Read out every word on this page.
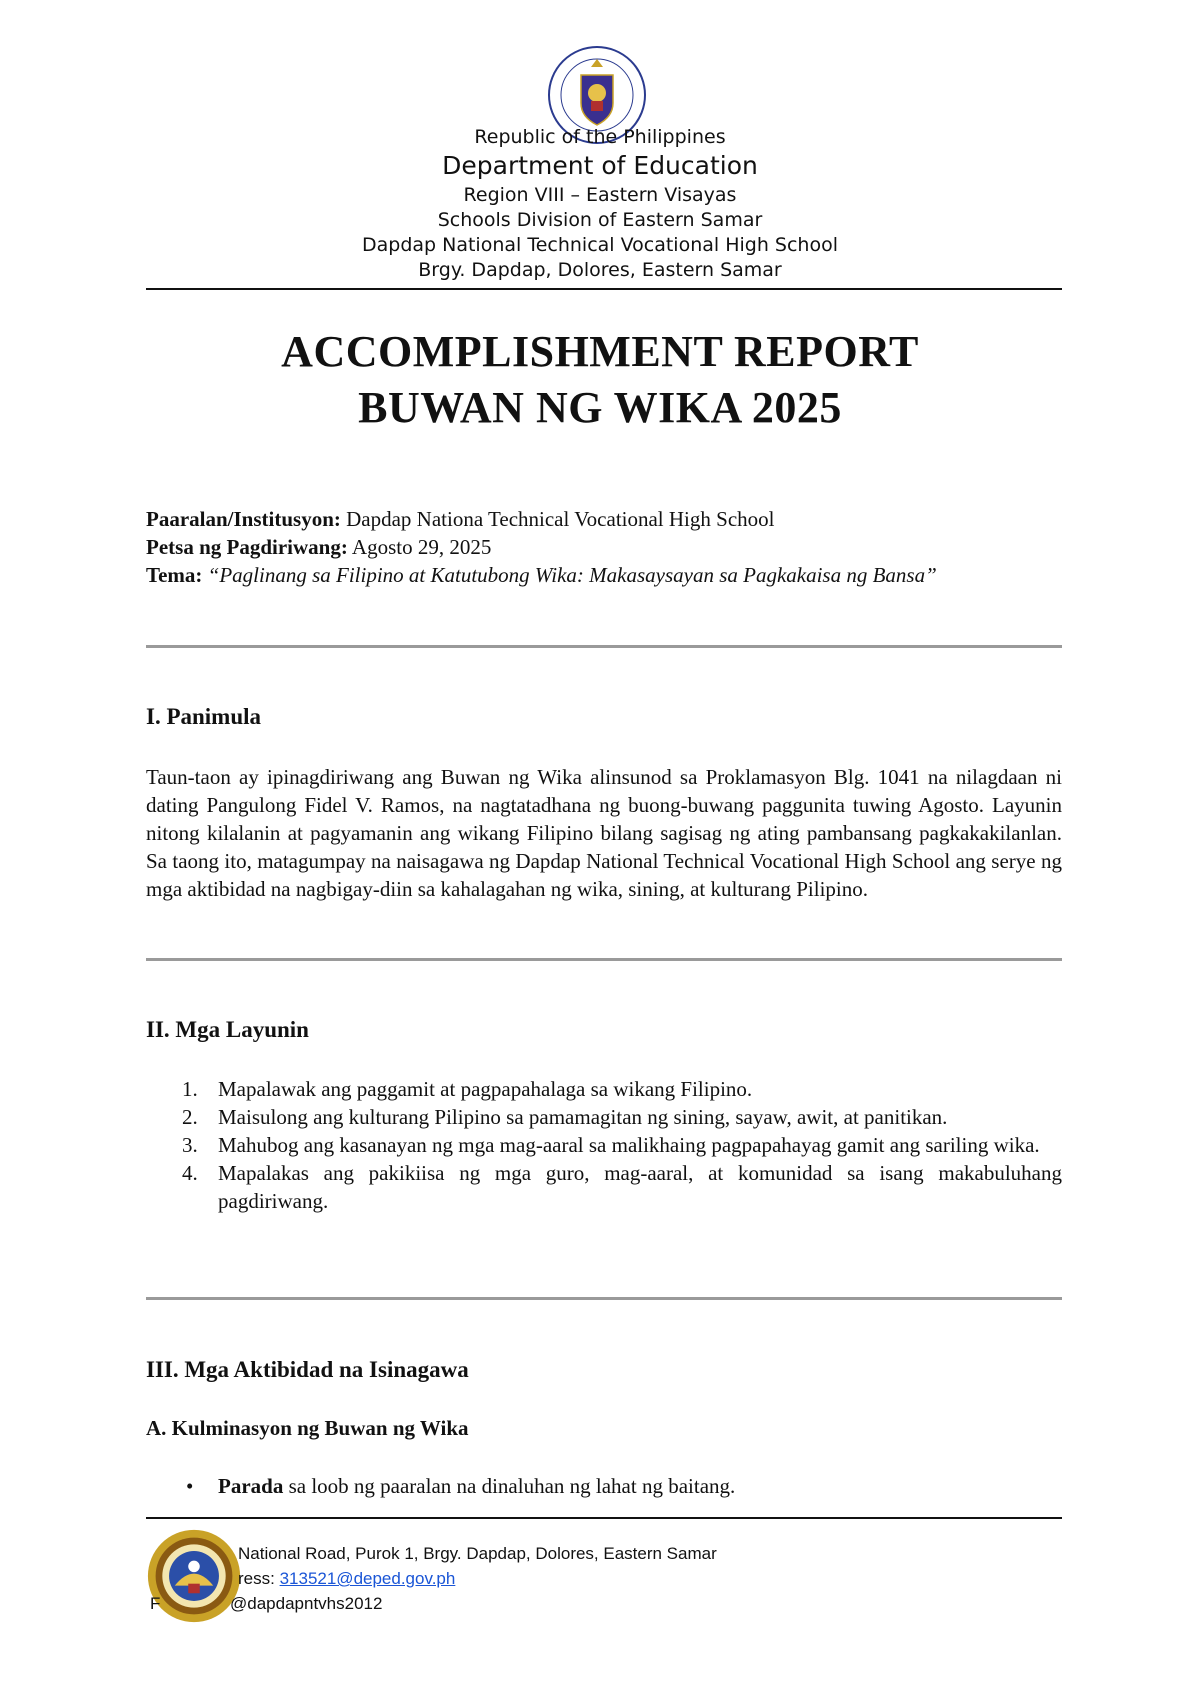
Republic of the Philippines
Department of Education
Region VIII – Eastern Visayas
Schools Division of Eastern Samar
Dapdap National Technical Vocational High School
Brgy. Dapdap, Dolores, Eastern Samar
ACCOMPLISHMENT REPORT
BUWAN NG WIKA 2025
Paaralan/Institusyon: Dapdap Nationa Technical Vocational High School
Petsa ng Pagdiriwang: Agosto 29, 2025
Tema: “Paglinang sa Filipino at Katutubong Wika: Makasaysayan sa Pagkakaisa ng Bansa”
I. Panimula
Taun-taon ay ipinagdiriwang ang Buwan ng Wika alinsunod sa Proklamasyon Blg. 1041 na nilagdaan ni dating Pangulong Fidel V. Ramos, na nagtatadhana ng buong-buwang paggunita tuwing Agosto. Layunin nitong kilalanin at pagyamanin ang wikang Filipino bilang sagisag ng ating pambansang pagkakakilanlan. Sa taong ito, matagumpay na naisagawa ng Dapdap National Technical Vocational High School ang serye ng mga aktibidad na nagbigay-diin sa kahalagahan ng wika, sining, at kulturang Pilipino.
II. Mga Layunin
1. Mapalawak ang paggamit at pagpapahalaga sa wikang Filipino.
2. Maisulong ang kulturang Pilipino sa pamamagitan ng sining, sayaw, awit, at panitikan.
3. Mahubog ang kasanayan ng mga mag-aaral sa malikhaing pagpapahayag gamit ang sariling wika.
4. Mapalakas ang pakikiisa ng mga guro, mag-aaral, at komunidad sa isang makabuluhang pagdiriwang.
III. Mga Aktibidad na Isinagawa
A. Kulminasyon ng Buwan ng Wika
• Parada sa loob ng paaralan na dinaluhan ng lahat ng baitang.
National Road, Purok 1, Brgy. Dapdap, Dolores, Eastern Samar
ress: 313521@deped.gov.ph
F	@dapdapntvhs2012
